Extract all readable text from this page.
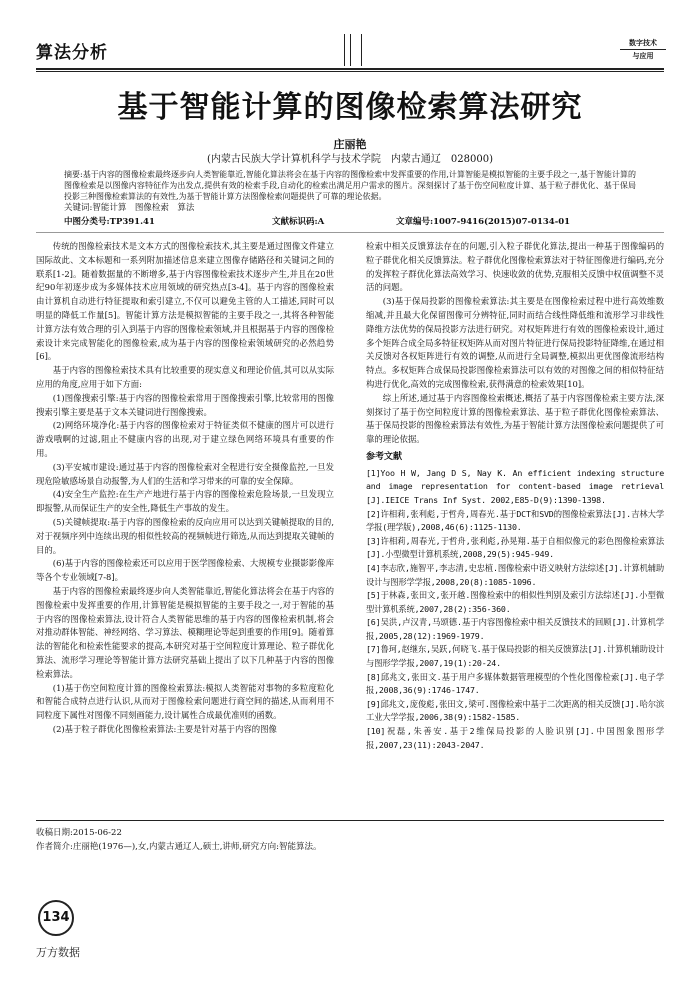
算法分析	数字技术
与应用
基于智能计算的图像检索算法研究
庄丽艳
(内蒙古民族大学计算机科学与技术学院　内蒙古通辽　028000)
摘要:基于内容的图像检索最终逐步向人类智能靠近,智能化算法将会在基于内容的图像检索中发挥重要的作用,计算智能是模拟智能的主要手段之一,基于智能计算的图像检索是以图像内容特征作为出发点,提供有效的检索手段,自动化的检索出满足用户需求的图片。深刻探讨了基于伤空间粒度计算、基于粒子群优化、基于保局投影三种图像检索算法的有效性,为基于智能计算方法图像检索问题提供了可靠的理论依据。
关键词:智能计算　图像检索　算法
中图分类号:TP391.41	文献标识码:A	文章编号:1007-9416(2015)07-0134-01

传统的图像检索技术是文本方式的图像检索技术,其主要是通过图像文件建立国际故此、文本标题和一系列附加描述信息来建立图像存储路径和关键词之间的联系[1-2]。随着数据量的不断增多,基于内容图像检索技术逐步产生,并且在20世纪90年初逐步成为多媒体技术应用领域的研究热点[3-4]。基于内容的图像检索由计算机自动进行特征提取和索引建立,不仅可以避免主管的人工描述,同时可以明显的降低工作量[5]。智能计算方法是模拟智能的主要手段之一,其将各种智能计算方法有效合理的引入到基于内容的图像检索领域,并且根据基于内容的图像检索设计来完成智能化的图像检索,成为基于内容的图像检索领域研究的必然趋势[6]。

基于内容的图像检索技术具有比较重要的现实意义和理论价值,其可以从实际应用的角度,应用于如下方面:

(1)图像搜索引擎:基于内容的图像检索常用于图像搜索引擎,比较常用的图像搜索引擎主要是基于文本关键词进行图像搜索。

(2)网络环境净化:基于内容的图像检索对于特征类似不健康的图片可以进行游戏哦啊的过滤,阻止不健康内容的出现,对于建立绿色网络环境具有重要的作用。

(3)平安城市建设:通过基于内容的图像检索对全程进行安全摄像监控,一旦发现危险敏感场景自动报警,为人们的生活和学习带来的可靠的安全保障。

(4)安全生产监控:在生产产地进行基于内容的图像检索危险场景,一旦发现立即报警,从而保证生产的安全性,降低生产事故的发生。

(5)关键帧提取:基于内容的图像检索的反向应用可以达到关键帧提取的目的,对于视频序列中连续出现的相似性较高的视频帧进行筛选,从而达到提取关键帧的目的。

(6)基于内容的图像检索还可以应用于医学图像检索、大规模专业摄影影像库等各个专业领域[7-8]。

基于内容的图像检索最终逐步向人类智能靠近,智能化算法将会在基于内容的图像检索中发挥重要的作用,计算智能是模拟智能的主要手段之一,对于智能的基于内容的图像检索算法,设计符合人类智能思维的基于内容的图像检索机制,将会对推动群体智能、神经网络、学习算法、模糊理论等起到重要的作用[9]。随着算法的智能化和检索性能要求的提高,本研究对基于空间粒度计算理论、粒子群优化算法、流形学习理论等智能计算方法研究基础上提出了以下几种基于内容的图像检索算法。

(1)基于伤空间粒度计算的图像检索算法:模拟人类智能对事物的多粒度粒化和智能合成特点进行认识,从而对于图像检索问题进行商空间的描述,从而利用不同粒度下属性对图像不同刻画能力,设计属性合成最优准则的函数。

(2)基于粒子群优化图像检索算法:主要是针对基于内容的图像

检索中相关反馈算法存在的问题,引入粒子群优化算法,提出一种基于图像编码的粒子群优化相关反馈算法。粒子群优化图像检索算法对于特征图像进行编码,充分的发挥粒子群优化算法高效学习、快速收敛的优势,克服相关反馈中权值调整不灵活的问题。

(3)基于保局投影的图像检索算法:其主要是在图像检索过程中进行高效维数缩减,并且最大化保留图像可分辨特征,同时而结合线性降低维和流形学习非线性降维方法优势的保局投影方法进行研究。对权矩阵进行有效的图像检索设计,通过多个矩阵合成全局多特征权矩阵从而对图片特征进行保局投影特征降维,在通过相关反馈对各权矩阵进行有效的调整,从而进行全局调整,模拟出更优图像流形结构特点。多权矩阵合成保局投影图像检索算法可以有效的对图像之间的相似特征结构进行优化,高效的完成图像检索,获得满意的检索效果[10]。

综上所述,通过基于内容图像检索概述,概括了基于内容图像检索主要方法,深刻探讨了基于伤空间粒度计算的图像检索算法、基于粒子群优化图像检索算法、基于保局投影的图像检索算法有效性,为基于智能计算方法图像检索问题提供了可靠的理论依据。

参考文献

[1]Yoo H W, Jang D S, Nay K. An efficient indexing structure and image representation for content-based image retrieval [J].IEICE Trans Inf Syst. 2002,E85-D(9):1390-1398.

[2]许相莉,张利彪,于哲舟,周春光.基于DCT和SVD的图像检索算法[J].吉林大学学报(理学版),2008,46(6):1125-1130.

[3]许相莉,周春光,于哲舟,张利彪,孙晃翔.基于自相似像元的彩色图像检索算法[J].小型微型计算机系统,2008,29(5):945-949.

[4]李志欣,施智平,李志清,史忠植.图像检索中语义映射方法综述[J].计算机辅助设计与图形学学报,2008,20(8):1085-1096.

[5]于林森,张田文,张开越.图像检索中的相似性判别及索引方法综述[J].小型微型计算机系统,2007,28(2):356-360.

[6]吴洪,卢汉青,马颂德.基于内容图像检索中相关反馈技术的回顾[J].计算机学报,2005,28(12):1969-1979.

[7]鲁珂,赵继东,吴跃,何晓飞.基于保局投影的相关反馈算法[J].计算机辅助设计与图形学学报,2007,19(1):20-24.

[8]邱兆文,张田文.基于用户多媒体数据管理模型的个性化图像检索[J].电子学报,2008,36(9):1746-1747.

[9]邱兆文,庞俊彪,张田文,梁可.图像检索中基于二次距离的相关反馈[J].哈尔滨工业大学学报,2006,38(9):1582-1585.

[10]祝磊,朱善安.基于2维保局投影的人脸识别[J].中国图象图形学报,2007,23(11):2043-2047.

收稿日期:2015-06-22
作者简介:庄丽艳(1976—),女,内蒙古通辽人,硕士,讲师,研究方向:智能算法。
134
万方数据
